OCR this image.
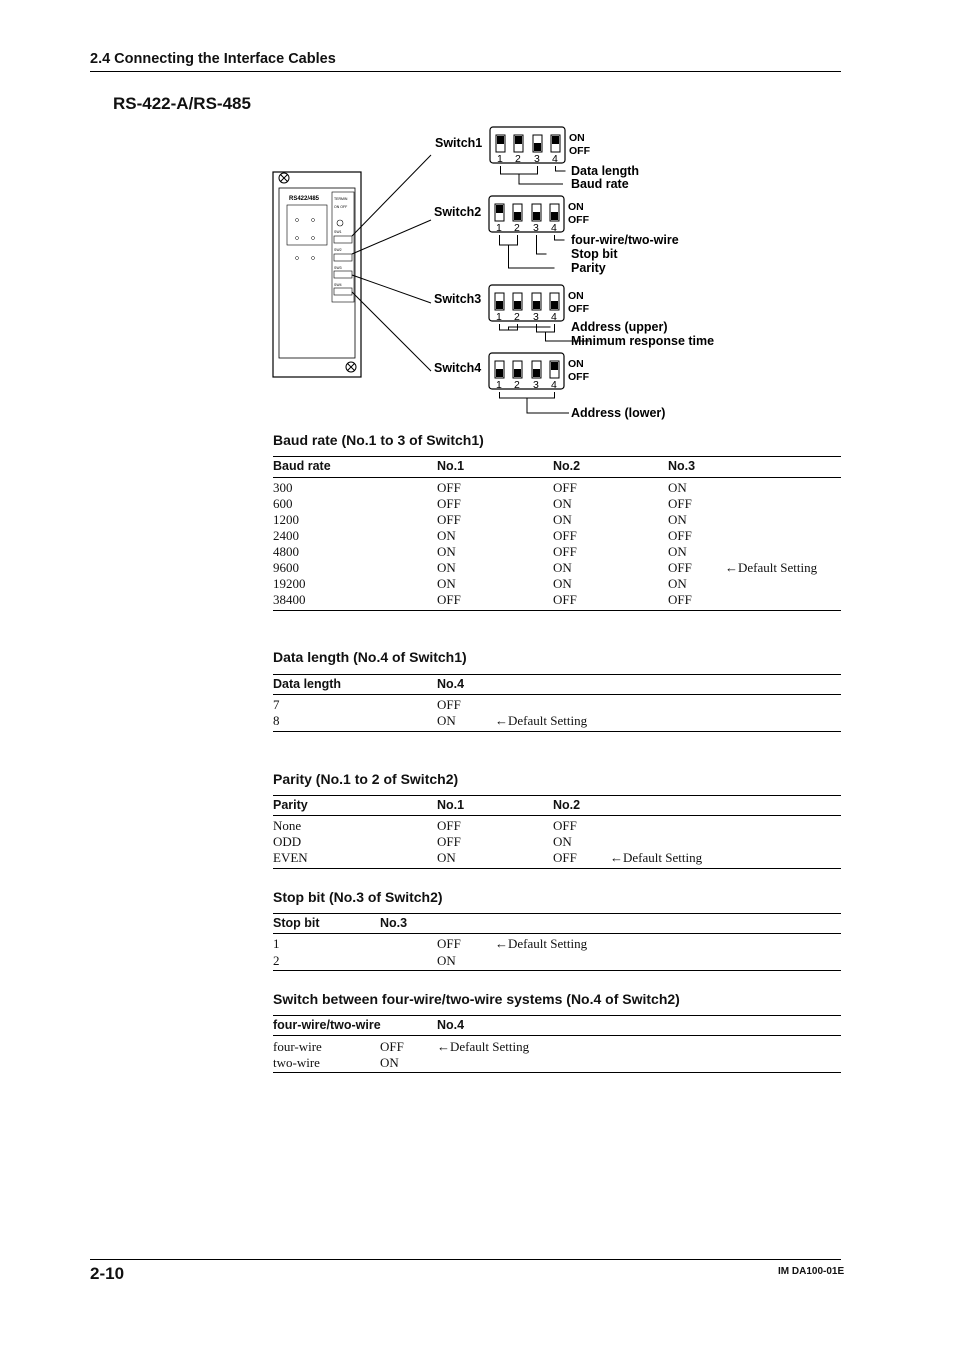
2.4 Connecting the Interface Cables
RS-422-A/RS-485
RS422/485	TERMIN
ON OFF
SW1
SW2
SW3
SW4
Switch1
1 2 3 4
ON
OFF
Data length
Baud rate
Switch2
1 2 3 4
ON
OFF
four-wire/two-wire
Stop bit
Parity
Switch3
1 2 3 4
ON
OFF
Address (upper)
Minimum response time
Switch4
1 2 3 4
ON
OFF
Address (lower)
Baud rate (No.1 to 3 of Switch1)
Baud rate	No.1	No.2	No.3
300	OFF	OFF	ON
600	OFF	ON	OFF
1200	OFF	ON	ON
2400	ON	OFF	OFF
4800	ON	OFF	ON
9600	ON	ON	OFF	←Default Setting
19200	ON	ON	ON
38400	OFF	OFF	OFF
Data length (No.4 of Switch1)
Data length	No.4
7	OFF
8	ON	←Default Setting
Parity (No.1 to 2 of Switch2)
Parity	No.1	No.2
None	OFF	OFF
ODD	OFF	ON
EVEN	ON	OFF	←Default Setting
Stop bit (No.3 of Switch2)
Stop bit	No.3
1	OFF	←Default Setting
2	ON
Switch between four-wire/two-wire systems (No.4 of Switch2)
four-wire/two-wire	No.4
four-wire	OFF	←Default Setting
two-wire	ON
2-10	IM DA100-01E
